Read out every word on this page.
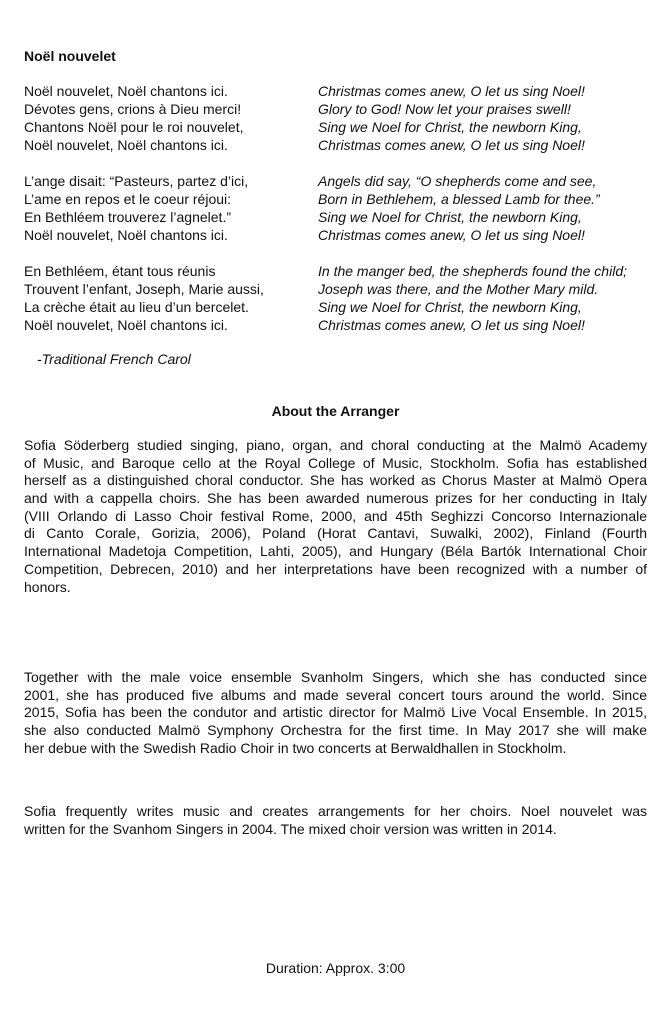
Noël nouvelet
Noël nouvelet, Noël chantons ici.	Christmas comes anew, O let us sing Noel!
Dévotes gens, crions à Dieu merci!	Glory to God! Now let your praises swell!
Chantons Noël pour le roi nouvelet,	Sing we Noel for Christ, the newborn King,
Noël nouvelet, Noël chantons ici.	Christmas comes anew, O let us sing Noel!
L’ange disait: “Pasteurs, partez d’ici,	Angels did say, “O shepherds come and see,
L’ame en repos et le coeur réjoui:	Born in Bethlehem, a blessed Lamb for thee.”
En Bethléem trouverez l’agnelet.”	Sing we Noel for Christ, the newborn King,
Noël nouvelet, Noël chantons ici.	Christmas comes anew, O let us sing Noel!
En Bethléem, étant tous réunis	In the manger bed, the shepherds found the child;
Trouvent l’enfant, Joseph, Marie aussi,	Joseph was there, and the Mother Mary mild.
La crèche était au lieu d’un bercelet.	Sing we Noel for Christ, the newborn King,
Noël nouvelet, Noël chantons ici.	Christmas comes anew, O let us sing Noel!
-Traditional French Carol
About the Arranger
Sofia Söderberg studied singing, piano, organ, and choral conducting at the Malmö Academy
of Music, and Baroque cello at the Royal College of Music, Stockholm. Sofia has established
herself as a distinguished choral conductor. She has worked as Chorus Master at Malmö Opera
and with a cappella choirs. She has been awarded numerous prizes for her conducting in Italy
(VIII Orlando di Lasso Choir festival Rome, 2000, and 45th Seghizzi Concorso Internazionale
di Canto Corale, Gorizia, 2006), Poland (Horat Cantavi, Suwalki, 2002), Finland (Fourth
International Madetoja Competition, Lahti, 2005), and Hungary (Béla Bartók International Choir
Competition, Debrecen, 2010) and her interpretations have been recognized with a number of
honors.
Together with the male voice ensemble Svanholm Singers, which she has conducted since
2001, she has produced five albums and made several concert tours around the world. Since
2015, Sofia has been the condutor and artistic director for Malmö Live Vocal Ensemble. In 2015,
she also conducted Malmö Symphony Orchestra for the first time. In May 2017 she will make
her debue with the Swedish Radio Choir in two concerts at Berwaldhallen in Stockholm.
Sofia frequently writes music and creates arrangements for her choirs. Noel nouvelet was
written for the Svanhom Singers in 2004. The mixed choir version was written in 2014.
Duration: Approx. 3:00
